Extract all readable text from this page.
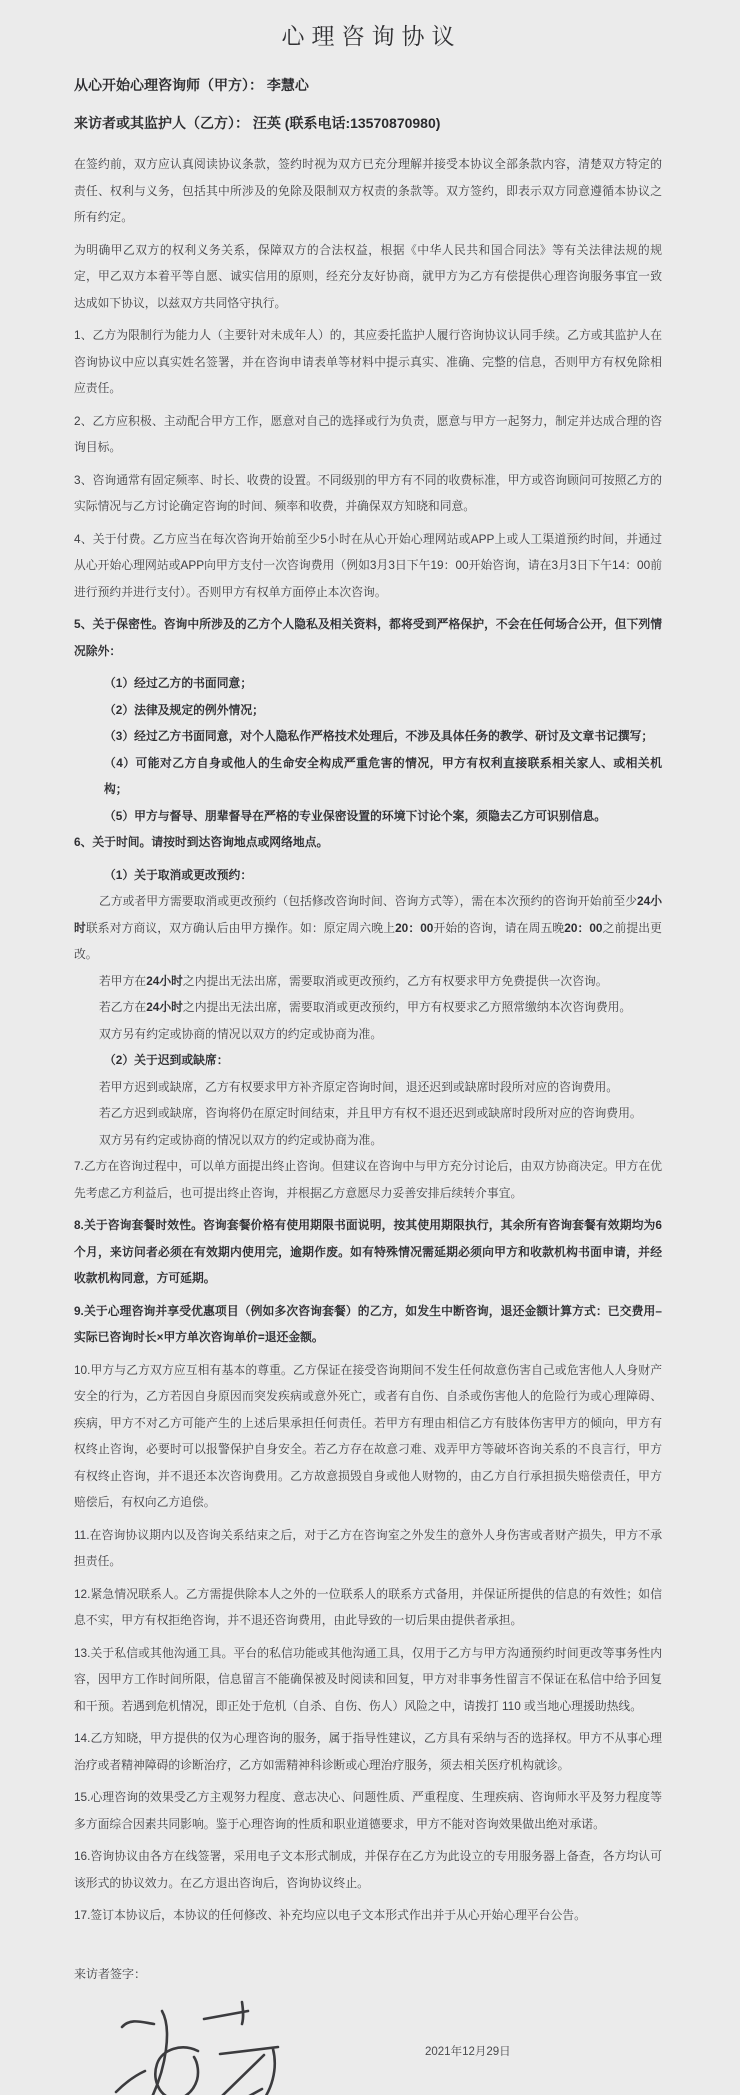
心理咨询协议
从心开始心理咨询师（甲方）： 李慧心
来访者或其监护人（乙方）： 汪英 (联系电话:13570870980)

在签约前，双方应认真阅读协议条款，签约时视为双方已充分理解并接受本协议全部条款内容，清楚双方特定的责任、权利与义务，包括其中所涉及的免除及限制双方权责的条款等。双方签约，即表示双方同意遵循本协议之所有约定。

为明确甲乙双方的权利义务关系，保障双方的合法权益，根据《中华人民共和国合同法》等有关法律法规的规定，甲乙双方本着平等自愿、诚实信用的原则，经充分友好协商，就甲方为乙方有偿提供心理咨询服务事宜一致达成如下协议，以兹双方共同恪守执行。

1、乙方为限制行为能力人（主要针对未成年人）的，其应委托监护人履行咨询协议认同手续。乙方或其监护人在咨询协议中应以真实姓名签署，并在咨询申请表单等材料中提示真实、准确、完整的信息，否则甲方有权免除相应责任。

2、乙方应积极、主动配合甲方工作，愿意对自己的选择或行为负责，愿意与甲方一起努力，制定并达成合理的咨询目标。

3、咨询通常有固定频率、时长、收费的设置。不同级别的甲方有不同的收费标准，甲方或咨询顾问可按照乙方的实际情况与乙方讨论确定咨询的时间、频率和收费，并确保双方知晓和同意。

4、关于付费。乙方应当在每次咨询开始前至少5小时在从心开始心理网站或APP上或人工渠道预约时间，并通过从心开始心理网站或APP向甲方支付一次咨询费用（例如3月3日下午19：00开始咨询，请在3月3日下午14：00前进行预约并进行支付）。否则甲方有权单方面停止本次咨询。

5、关于保密性。咨询中所涉及的乙方个人隐私及相关资料，都将受到严格保护，不会在任何场合公开，但下列情况除外：

（1）经过乙方的书面同意；

（2）法律及规定的例外情况；

（3）经过乙方书面同意，对个人隐私作严格技术处理后，不涉及具体任务的教学、研讨及文章书记撰写；

（4）可能对乙方自身或他人的生命安全构成严重危害的情况，甲方有权利直接联系相关家人、或相关机构；

（5）甲方与督导、朋辈督导在严格的专业保密设置的环境下讨论个案，须隐去乙方可识别信息。

6、关于时间。请按时到达咨询地点或网络地点。

（1）关于取消或更改预约：

乙方或者甲方需要取消或更改预约（包括修改咨询时间、咨询方式等），需在本次预约的咨询开始前至少24小时联系对方商议，双方确认后由甲方操作。如：原定周六晚上20：00开始的咨询，请在周五晚20：00之前提出更改。

若甲方在24小时之内提出无法出席，需要取消或更改预约，乙方有权要求甲方免费提供一次咨询。

若乙方在24小时之内提出无法出席，需要取消或更改预约，甲方有权要求乙方照常缴纳本次咨询费用。

双方另有约定或协商的情况以双方的约定或协商为准。

（2）关于迟到或缺席：

若甲方迟到或缺席，乙方有权要求甲方补齐原定咨询时间，退还迟到或缺席时段所对应的咨询费用。

若乙方迟到或缺席，咨询将仍在原定时间结束，并且甲方有权不退还迟到或缺席时段所对应的咨询费用。

双方另有约定或协商的情况以双方的约定或协商为准。

7.乙方在咨询过程中，可以单方面提出终止咨询。但建议在咨询中与甲方充分讨论后，由双方协商决定。甲方在优先考虑乙方利益后，也可提出终止咨询，并根据乙方意愿尽力妥善安排后续转介事宜。

8.关于咨询套餐时效性。咨询套餐价格有使用期限书面说明，按其使用期限执行，其余所有咨询套餐有效期均为6个月，来访问者必须在有效期内使用完，逾期作废。如有特殊情况需延期必须向甲方和收款机构书面申请，并经收款机构同意，方可延期。

9.关于心理咨询并享受优惠项目（例如多次咨询套餐）的乙方，如发生中断咨询，退还金额计算方式：已交费用–实际已咨询时长×甲方单次咨询单价=退还金额。

10.甲方与乙方双方应互相有基本的尊重。乙方保证在接受咨询期间不发生任何故意伤害自己或危害他人人身财产安全的行为，乙方若因自身原因而突发疾病或意外死亡，或者有自伤、自杀或伤害他人的危险行为或心理障碍、疾病，甲方不对乙方可能产生的上述后果承担任何责任。若甲方有理由相信乙方有肢体伤害甲方的倾向，甲方有权终止咨询，必要时可以报警保护自身安全。若乙方存在故意刁难、戏弄甲方等破坏咨询关系的不良言行，甲方有权终止咨询，并不退还本次咨询费用。乙方故意损毁自身或他人财物的，由乙方自行承担损失赔偿责任，甲方赔偿后，有权向乙方追偿。

11.在咨询协议期内以及咨询关系结束之后，对于乙方在咨询室之外发生的意外人身伤害或者财产损失，甲方不承担责任。

12.紧急情况联系人。乙方需提供除本人之外的一位联系人的联系方式备用，并保证所提供的信息的有效性；如信息不实，甲方有权拒绝咨询，并不退还咨询费用，由此导致的一切后果由提供者承担。

13.关于私信或其他沟通工具。平台的私信功能或其他沟通工具，仅用于乙方与甲方沟通预约时间更改等事务性内容，因甲方工作时间所限，信息留言不能确保被及时阅读和回复，甲方对非事务性留言不保证在私信中给予回复和干预。若遇到危机情况，即正处于危机（自杀、自伤、伤人）风险之中，请拨打 110 或当地心理援助热线。

14.乙方知晓，甲方提供的仅为心理咨询的服务，属于指导性建议，乙方具有采纳与否的选择权。甲方不从事心理治疗或者精神障碍的诊断治疗，乙方如需精神科诊断或心理治疗服务，须去相关医疗机构就诊。

15.心理咨询的效果受乙方主观努力程度、意志决心、问题性质、严重程度、生理疾病、咨询师水平及努力程度等多方面综合因素共同影响。鉴于心理咨询的性质和职业道德要求，甲方不能对咨询效果做出绝对承诺。

16.咨询协议由各方在线签署，采用电子文本形式制成，并保存在乙方为此设立的专用服务器上备查，各方均认可该形式的协议效力。在乙方退出咨询后，咨询协议终止。

17.签订本协议后，本协议的任何修改、补充均应以电子文本形式作出并于从心开始心理平台公告。

来访者签字：
2021年12月29日
